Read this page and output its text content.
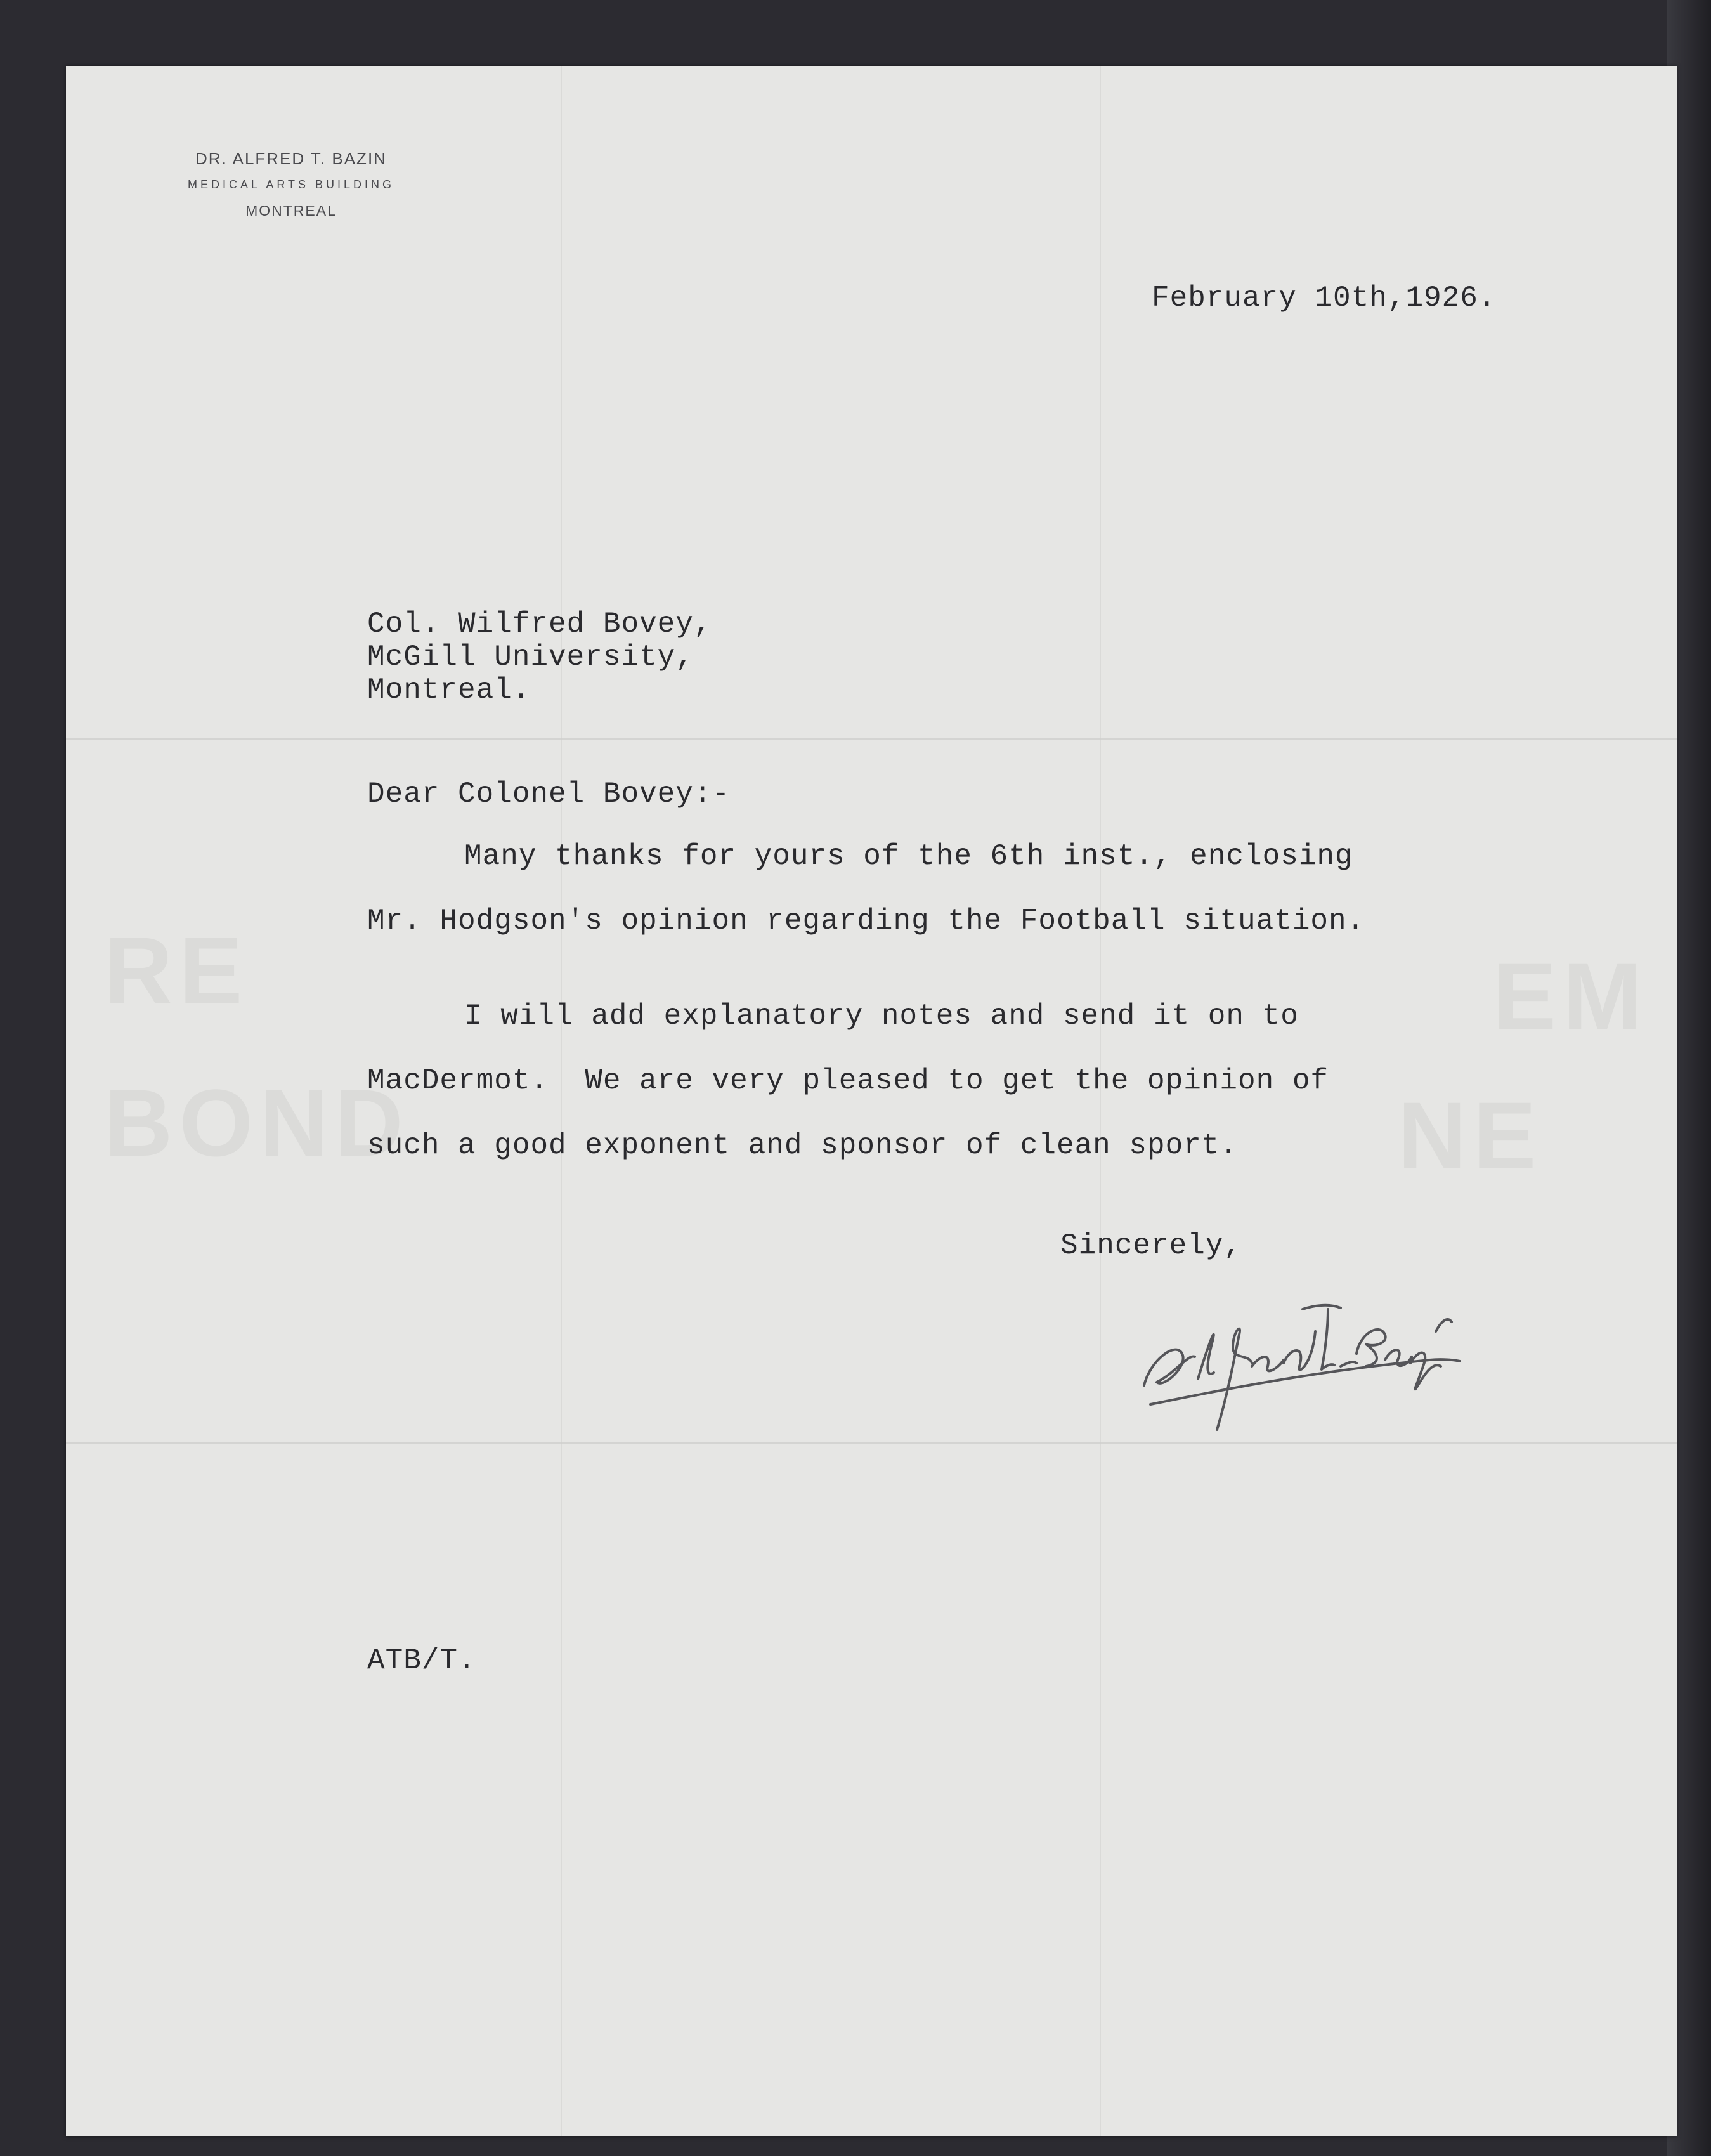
RE
BOND
EM
NE
DR. ALFRED T. BAZIN
MEDICAL ARTS BUILDING
MONTREAL
February 10th,1926.
Col. Wilfred Bovey,
McGill University,
Montreal.
Dear Colonel Bovey:-
Many thanks for yours of the 6th inst., enclosing
Mr. Hodgson's opinion regarding the Football situation.
I will add explanatory notes and send it on to
MacDermot.  We are very pleased to get the opinion of
such a good exponent and sponsor of clean sport.
Sincerely,
ATB/T.
